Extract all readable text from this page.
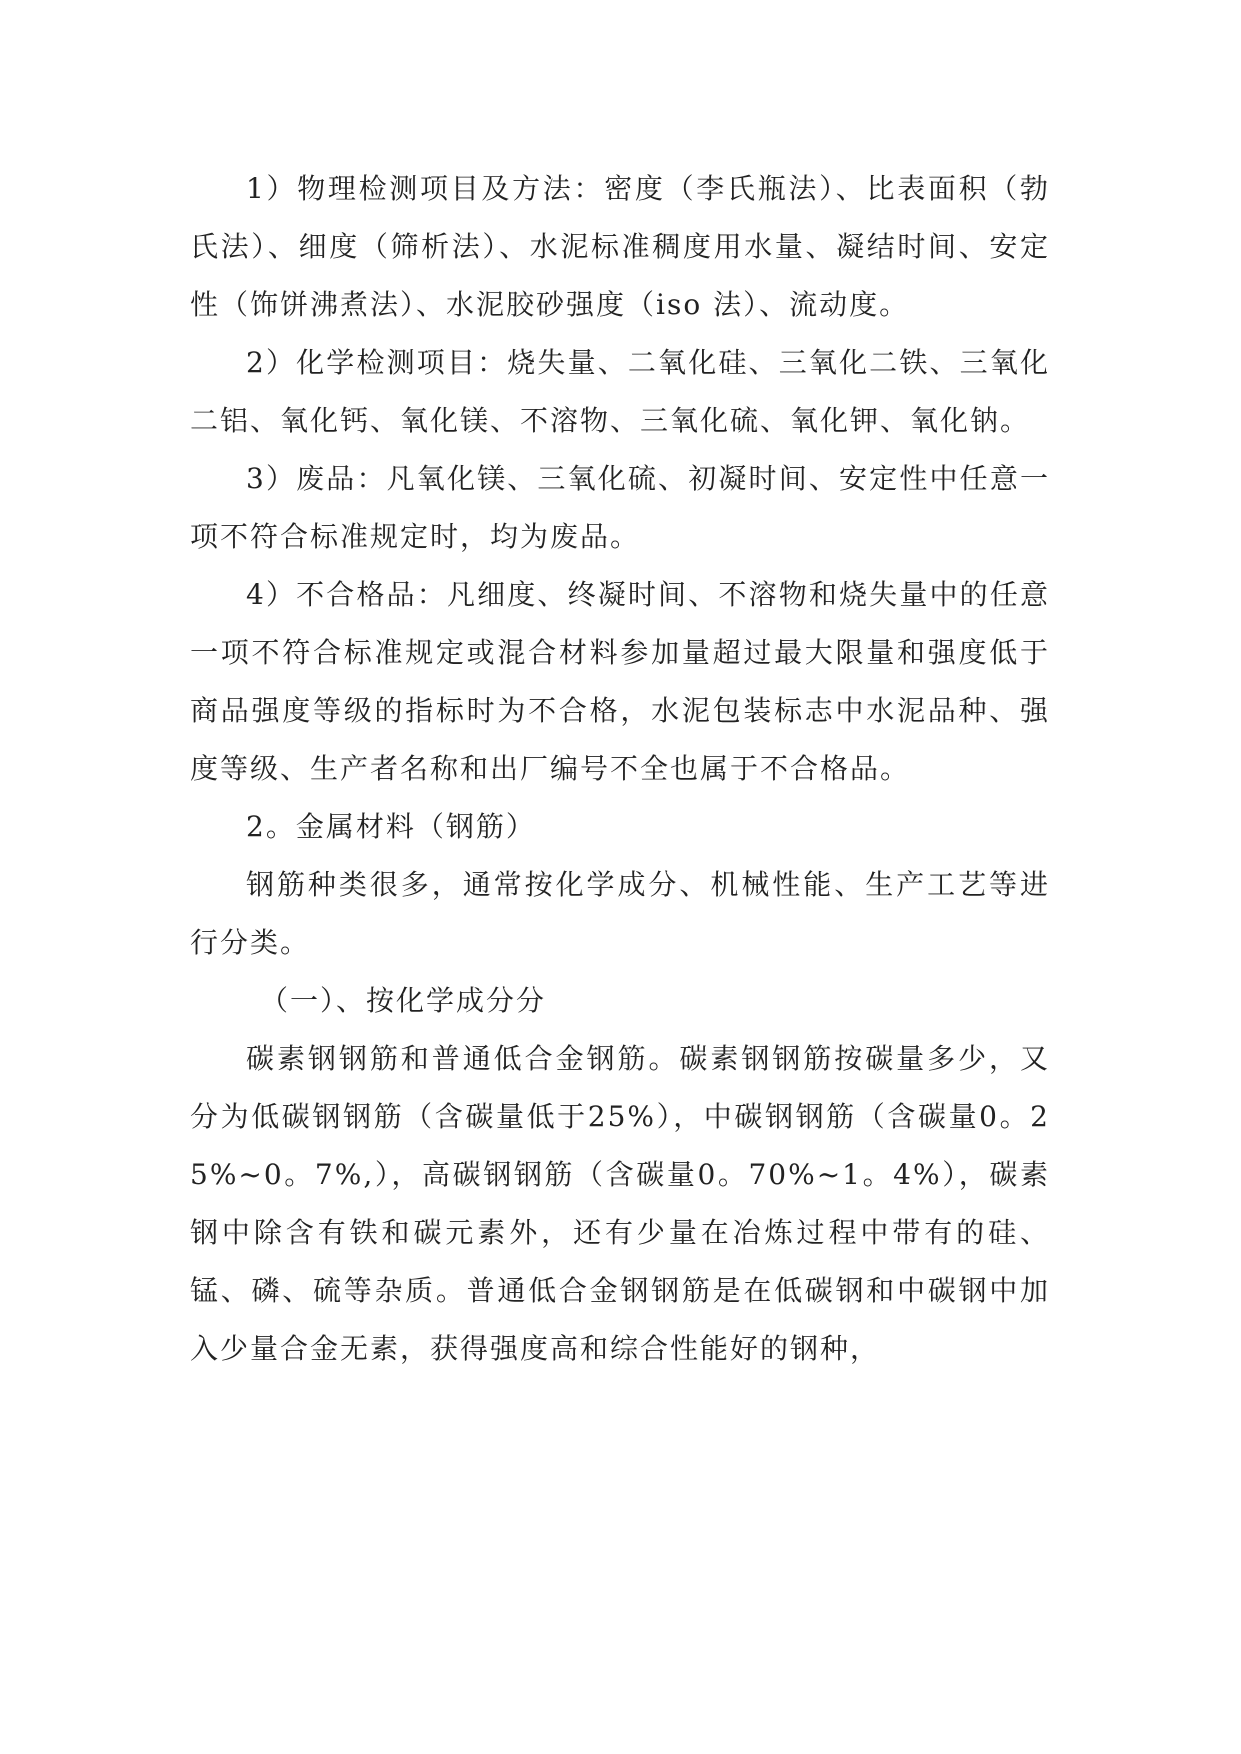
1）物理检测项目及方法：密度（李氏瓶法）、比表面积（勃氏法）、细度（筛析法）、水泥标准稠度用水量、凝结时间、安定性（饰饼沸煮法）、水泥胶砂强度（iso 法）、流动度。

2）化学检测项目：烧失量、二氧化硅、三氧化二铁、三氧化二铝、氧化钙、氧化镁、不溶物、三氧化硫、氧化钾、氧化钠。

3）废品：凡氧化镁、三氧化硫、初凝时间、安定性中任意一项不符合标准规定时，均为废品。

4）不合格品：凡细度、终凝时间、不溶物和烧失量中的任意一项不符合标准规定或混合材料参加量超过最大限量和强度低于商品强度等级的指标时为不合格，水泥包装标志中水泥品种、强度等级、生产者名称和出厂编号不全也属于不合格品。

2。金属材料（钢筋）

钢筋种类很多，通常按化学成分、机械性能、生产工艺等进行分类。

（一）、按化学成分分

碳素钢钢筋和普通低合金钢筋。碳素钢钢筋按碳量多少，又分为低碳钢钢筋（含碳量低于25%），中碳钢钢筋（含碳量0。25%~0。7%,），高碳钢钢筋（含碳量0。70%~1。4%），碳素钢中除含有铁和碳元素外，还有少量在冶炼过程中带有的硅、锰、磷、硫等杂质。普通低合金钢钢筋是在低碳钢和中碳钢中加入少量合金无素，获得强度高和综合性能好的钢种，
